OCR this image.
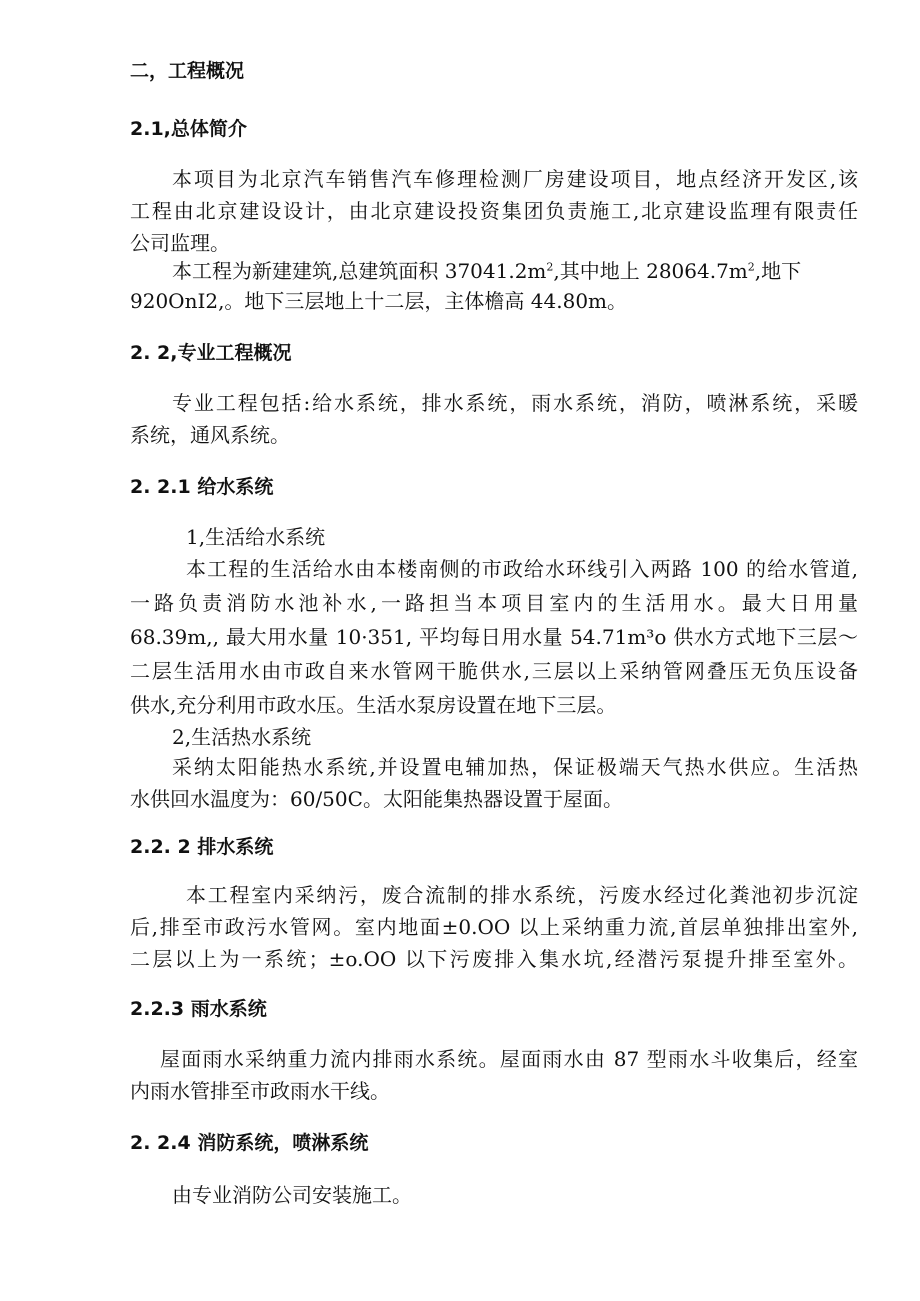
二，工程概况
2.1,总体简介
本项目为北京汽车销售汽车修理检测厂房建设项目，地点经济开发区,该
工程由北京建设设计，由北京建设投资集团负责施工,北京建设监理有限责任
公司监理。
本工程为新建建筑,总建筑面积 $37041.2m^2$,其中地上 $28064.7m^2$,地下
920OnI2,。地下三层地上十二层，主体檐高 44.80m。
2. 2,专业工程概况
专业工程包括:给水系统，排水系统，雨水系统，消防，喷淋系统，采暖
系统，通风系统。
2. 2.1 给水系统
1,生活给水系统
本工程的生活给水由本楼南侧的市政给水环线引入两路 100 的给水管道,
一路负责消防水池补水,一路担当本项目室内的生活用水。最大日用量
68.39m,, 最大用水量 10·351, 平均每日用水量 54.71m³o 供水方式地下三层～
二层生活用水由市政自来水管网干脆供水,三层以上采纳管网叠压无负压设备
供水,充分利用市政水压。生活水泵房设置在地下三层。
2,生活热水系统
采纳太阳能热水系统,并设置电辅加热，保证极端天气热水供应。生活热
水供回水温度为：60/50C。太阳能集热器设置于屋面。
2.2. 2 排水系统
本工程室内采纳污，废合流制的排水系统，污废水经过化粪池初步沉淀
后,排至市政污水管网。室内地面±0.OO 以上采纳重力流,首层单独排出室外,
二层以上为一系统；±o.OO 以下污废排入集水坑,经潜污泵提升排至室外。
2.2.3 雨水系统
屋面雨水采纳重力流内排雨水系统。屋面雨水由 87 型雨水斗收集后，经室
内雨水管排至市政雨水干线。
2. 2.4 消防系统，喷淋系统
由专业消防公司安装施工。
